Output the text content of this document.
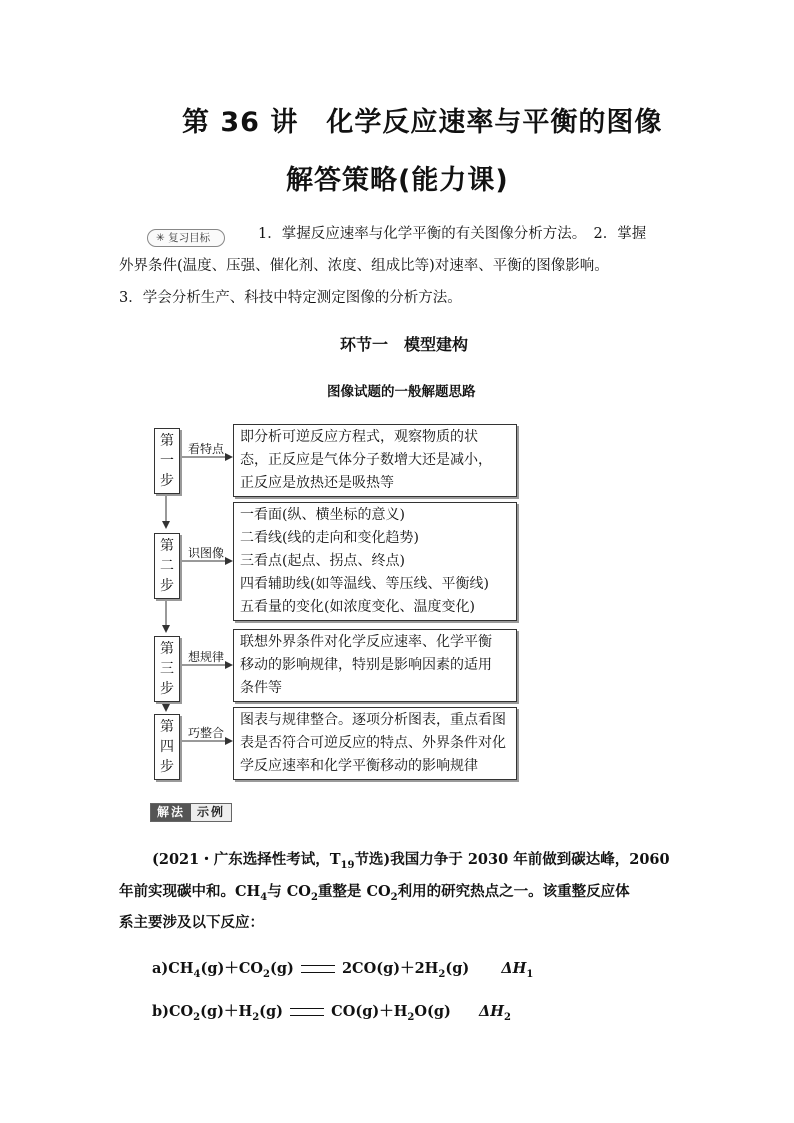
第 36 讲　化学反应速率与平衡的图像
解答策略(能力课)
✳ 复习目标	1．掌握反应速率与化学平衡的有关图像分析方法。　2．掌握
外界条件(温度、压强、催化剂、浓度、组成比等)对速率、平衡的图像影响。
3．学会分析生产、科技中特定测定图像的分析方法。
环节一　模型建构
图像试题的一般解题思路
第
一
步
看特点
即分析可逆反应方程式，观察物质的状
态，正反应是气体分子数增大还是减小，
正反应是放热还是吸热等
第
二
步
识图像
一看面(纵、横坐标的意义)
二看线(线的走向和变化趋势)
三看点(起点、拐点、终点)
四看辅助线(如等温线、等压线、平衡线)
五看量的变化(如浓度变化、温度变化)
第
三
步
想规律
联想外界条件对化学反应速率、化学平衡
移动的影响规律，特别是影响因素的适用
条件等
第
四
步
巧整合
图表与规律整合。逐项分析图表，重点看图
表是否符合可逆反应的特点、外界条件对化
学反应速率和化学平衡移动的影响规律
解法	示例
(2021・广东选择性考试，$T_{19}$节选)我国力争于 2030 年前做到碳达峰，2060
年前实现碳中和。$CH_4$与 $CO_2$重整是 $CO_2$利用的研究热点之一。该重整反应体
系主要涉及以下反应：
$a)CH_4(g)+CO_2(g)$	$2CO(g)+2H_2(g)$ $\Delta H_1$
$b)CO_2(g)+H_2(g)$	$CO(g)+H_2O(g)$ $\Delta H_2$
